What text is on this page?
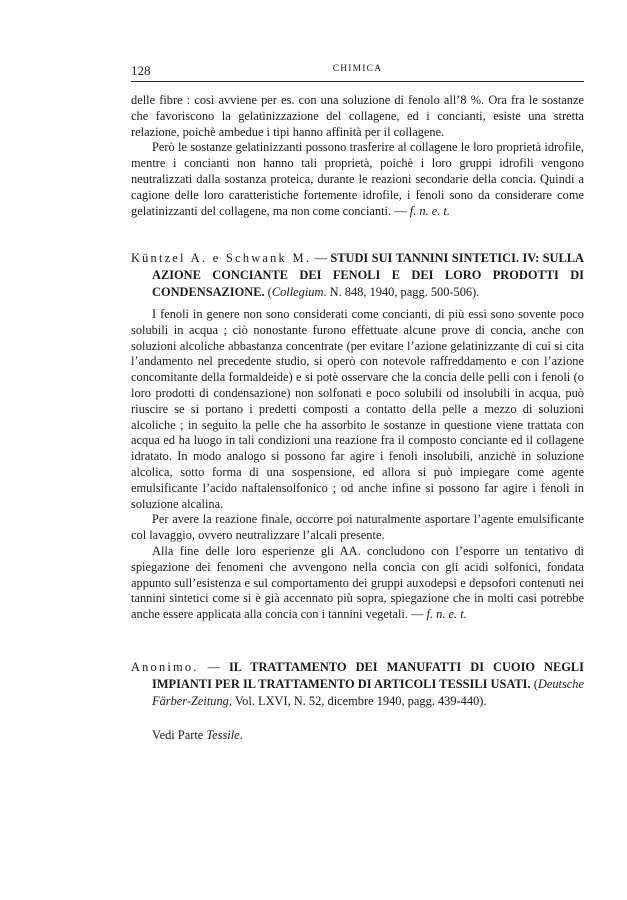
128	CHIMICA

delle fibre : così avviene per es. con una soluzione di fenolo all’8 %. Ora fra le sostanze che favoriscono la gelatinizzazione del collagene, ed i concianti, esiste una stretta relazione, poichè ambedue i tipi hanno affinità per il collagene.

Però le sostanze gelatinizzanti possono trasferire al collagene le loro proprietà idrofile, mentre i concianti non hanno tali proprietà, poichè i loro gruppi idrofili vengono neutralizzati dalla sostanza proteica, durante le reazioni secondarie della concia. Quindi a cagione delle loro caratteristiche fortemente idrofile, i fenoli sono da considerare come gelatinizzanti del collagene, ma non come concianti. — f. n. e. t.

Küntzel A. e Schwank M. — STUDI SUI TANNINI SINTETICI. IV: SULLA AZIONE CONCIANTE DEI FENOLI E DEI LORO PRODOTTI DI CONDENSAZIONE. (Collegium. N. 848, 1940, pagg. 500-506).

I fenoli in genere non sono considerati come concianti, di più essi sono sovente poco solubili in acqua ; ciò nonostante furono effettuate alcune prove di concia, anche con soluzioni alcoliche abbastanza concentrate (per evitare l’azione gelatinizzante di cui si cita l’andamento nel precedente studio, si operò con notevole raffreddamento e con l’azione concomitante della formaldeide) e si potè osservare che la concia delle pelli con i fenoli (o loro prodotti di condensazione) non solfonati e poco solubili od insolubili in acqua, può riuscire se si portano i predetti composti a contatto della pelle a mezzo di soluzioni alcoliche ; in seguito la pelle che ha assorbito le sostanze in questione viene trattata con acqua ed ha luogo in tali condizioni una reazione fra il composto conciante ed il collagene idratato. In modo analogo si possono far agire i fenoli insolubili, anzichè in soluzione alcolica, sotto forma di una sospensione, ed allora si può impiegare come agente emulsificante l’acido naftalensolfonico ; od anche infine si possono far agire i fenoli in soluzione alcalina.

Per avere la reazione finale, occorre poi naturalmente asportare l’agente emulsificante col lavaggio, ovvero neutralizzare l’alcali presente.

Alla fine delle loro esperienze gli AA. concludono con l’esporre un tentativo di spiegazione dei fenomeni che avvengono nella concia con gli acidi solfonici, fondata appunto sull’esistenza e sul comportamento dei gruppi auxodepsi e depsofori contenuti nei tannini sintetici come si è già accennato più sopra, spiegazione che in molti casi potrebbe anche essere applicata alla concia con i tannini vegetali. — f. n. e. t.

Anonimo. — IL TRATTAMENTO DEI MANUFATTI DI CUOIO NEGLI IMPIANTI PER IL TRATTAMENTO DI ARTICOLI TESSILI USATI. (Deutsche Färber-Zeitung, Vol. LXVI, N. 52, dicembre 1940, pagg. 439-440).
Vedi Parte Tessile.
